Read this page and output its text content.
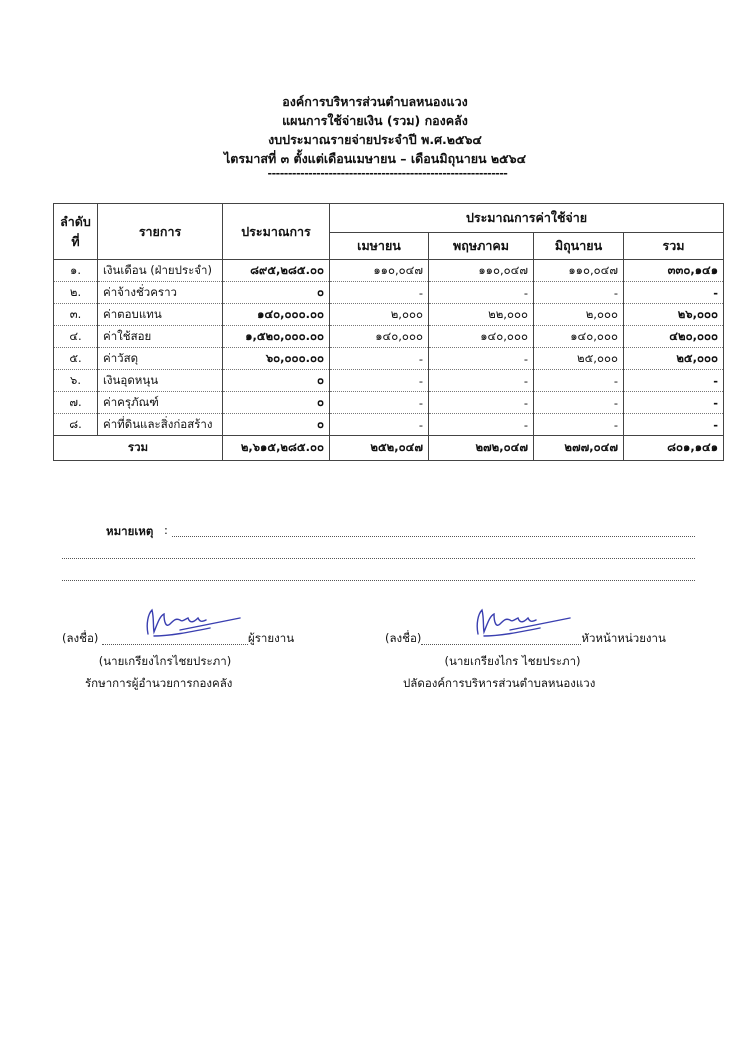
องค์การบริหารส่วนตำบลหนองแวง
แผนการใช้จ่ายเงิน (รวม) กองคลัง
งบประมาณรายจ่ายประจำปี พ.ศ.๒๕๖๔
ไตรมาสที่ ๓ ตั้งแต่เดือนเมษายน – เดือนมิถุนายน ๒๕๖๔
-----------------------------------------------------------
ลำดับ
ที่	รายการ	ประมาณการ	ประมาณการค่าใช้จ่าย			
			เมษายน	พฤษภาคม	มิถุนายน	รวม
๑.	เงินเดือน (ฝ่ายประจำ)	๘๙๕,๒๘๕.๐๐	๑๑๐,๐๔๗	๑๑๐,๐๔๗	๑๑๐,๐๔๗	๓๓๐,๑๔๑
๒.	ค่าจ้างชั่วคราว	๐	-	-	-	-
๓.	ค่าตอบแทน	๑๔๐,๐๐๐.๐๐	๒,๐๐๐	๒๒,๐๐๐	๒,๐๐๐	๒๖,๐๐๐
๔.	ค่าใช้สอย	๑,๕๒๐,๐๐๐.๐๐	๑๔๐,๐๐๐	๑๔๐,๐๐๐	๑๔๐,๐๐๐	๔๒๐,๐๐๐
๕.	ค่าวัสดุ	๖๐,๐๐๐.๐๐	-	-	๒๕,๐๐๐	๒๕,๐๐๐
๖.	เงินอุดหนุน	๐	-	-	-	-
๗.	ค่าครุภัณฑ์	๐	-	-	-	-
๘.	ค่าที่ดินและสิ่งก่อสร้าง	๐	-	-	-	-
รวม		๒,๖๑๕,๒๘๕.๐๐	๒๕๒,๐๔๗	๒๗๒,๐๔๗	๒๗๗,๐๔๗	๘๐๑,๑๔๑
หมายเหตุ :
(ลงชื่อ)	ผู้รายงาน
(นายเกรียงไกรไชยประภา)
รักษาการผู้อำนวยการกองคลัง
(ลงชื่อ)	หัวหน้าหน่วยงาน
(นายเกรียงไกร ไชยประภา)
ปลัดองค์การบริหารส่วนตำบลหนองแวง
